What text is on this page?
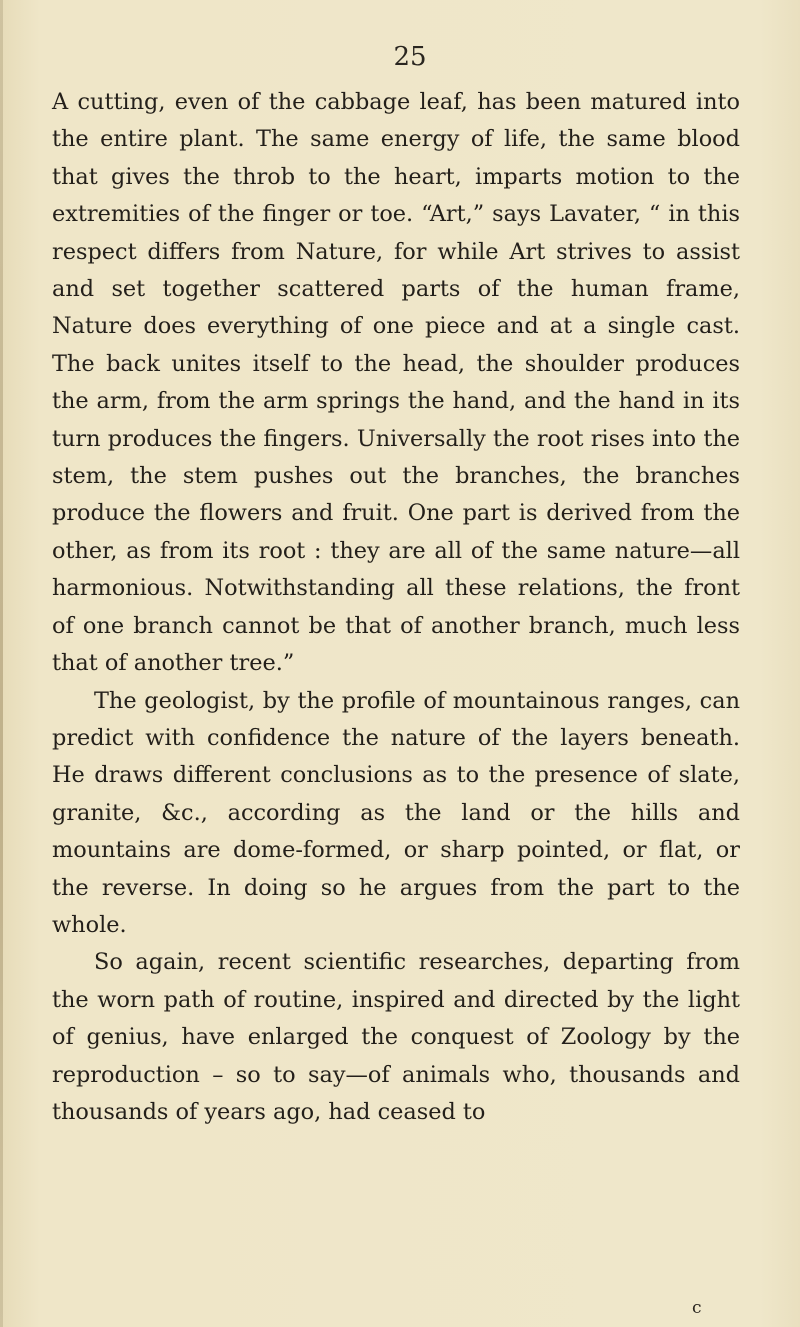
25

A cutting, even of the cabbage leaf, has been matured into the entire plant. The same energy of life, the same blood that gives the throb to the heart, imparts motion to the extremities of the finger or toe. “Art,” says Lavater, “ in this respect differs from Nature, for while Art strives to assist and set together scattered parts of the human frame, Nature does everything of one piece and at a single cast. The back unites itself to the head, the shoulder produces the arm, from the arm springs the hand, and the hand in its turn produces the fingers. Universally the root rises into the stem, the stem pushes out the branches, the branches produce the flowers and fruit. One part is derived from the other, as from its root : they are all of the same nature—all harmonious. Notwithstanding all these relations, the front of one branch cannot be that of another branch, much less that of another tree.”

The geologist, by the profile of mountainous ranges, can predict with confidence the nature of the layers beneath. He draws different conclusions as to the presence of slate, granite, &c., according as the land or the hills and mountains are dome-formed, or sharp pointed, or flat, or the reverse. In doing so he argues from the part to the whole.

So again, recent scientific researches, departing from the worn path of routine, inspired and directed by the light of genius, have enlarged the conquest of Zoology by the reproduction – so to say—of animals who, thousands and thousands of years ago, had ceased to

c
